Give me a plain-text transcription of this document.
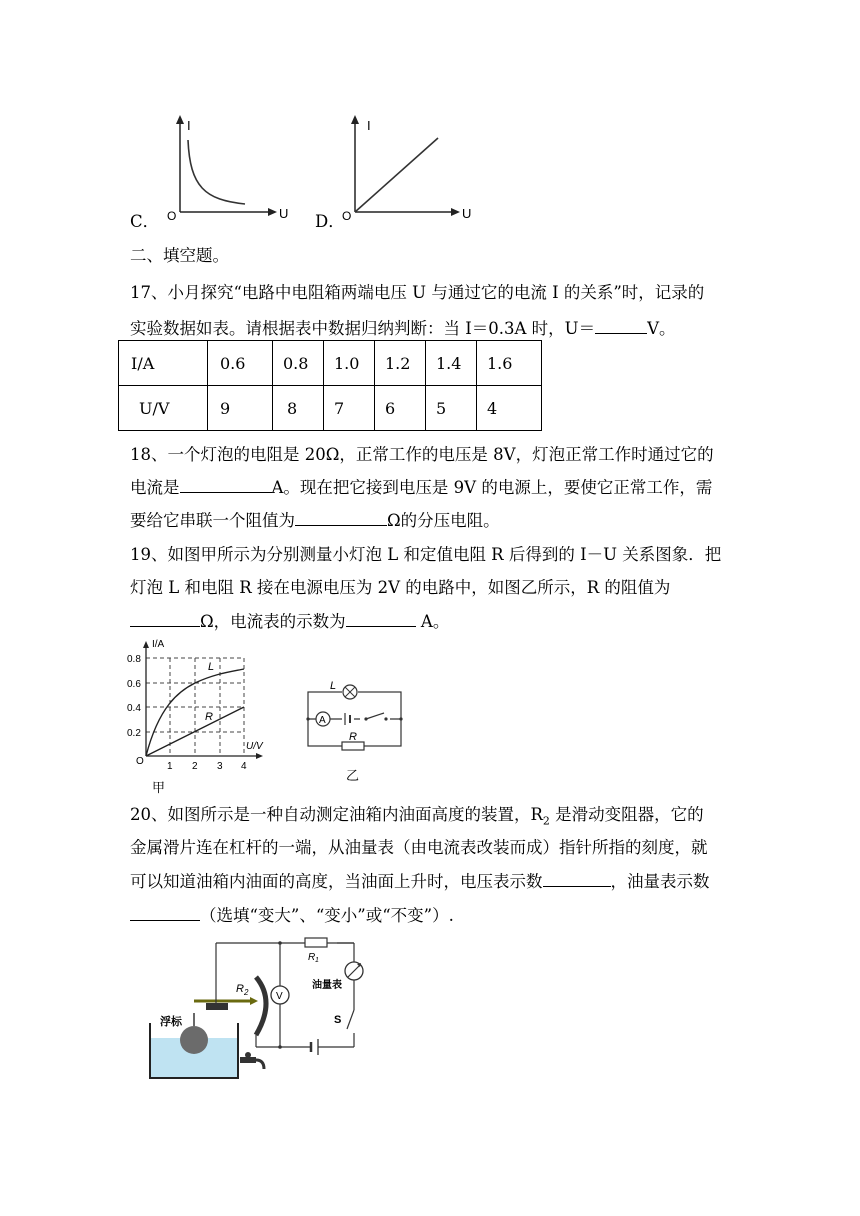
C．
I
U
O	D．
I
U
O
二、填空题。
17、小月探究“电路中电阻箱两端电压 U 与通过它的电流 I 的关系”时，记录的
实验数据如表。请根据表中数据归纳判断：当 I＝0.3A 时，U＝	V。
I/A	0.6	0.8	1.0	1.2	1.4	1.6
U/V	9	8	7	6	5	4
18、一个灯泡的电阻是 20Ω，正常工作的电压是 8V，灯泡正常工作时通过它的
电流是	A。现在把它接到电压是 9V 的电源上，要使它正常工作，需
要给它串联一个阻值为	Ω的分压电阻。
19、如图甲所示为分别测量小灯泡 L 和定值电阻 R 后得到的 I－U 关系图象．把
灯泡 L 和电阻 R 接在电源电压为 2V 的电路中，如图乙所示，R 的阻值为
Ω，电流表的示数为	A。
I/A
U/V
O
0.2
0.4
0.6
0.8
1 2 3 4
L
R
甲
L
A
R
乙
20、如图所示是一种自动测定油箱内油面高度的装置，$R_2$ 是滑动变阻器，它的
金属滑片连在杠杆的一端，从油量表（由电流表改装而成）指针所指的刻度，就
可以知道油箱内油面的高度，当油面上升时，电压表示数	，油量表示数
（选填“变大”、“变小”或“不变”）.
浮标
R 2
R 1
油量表
S
V
